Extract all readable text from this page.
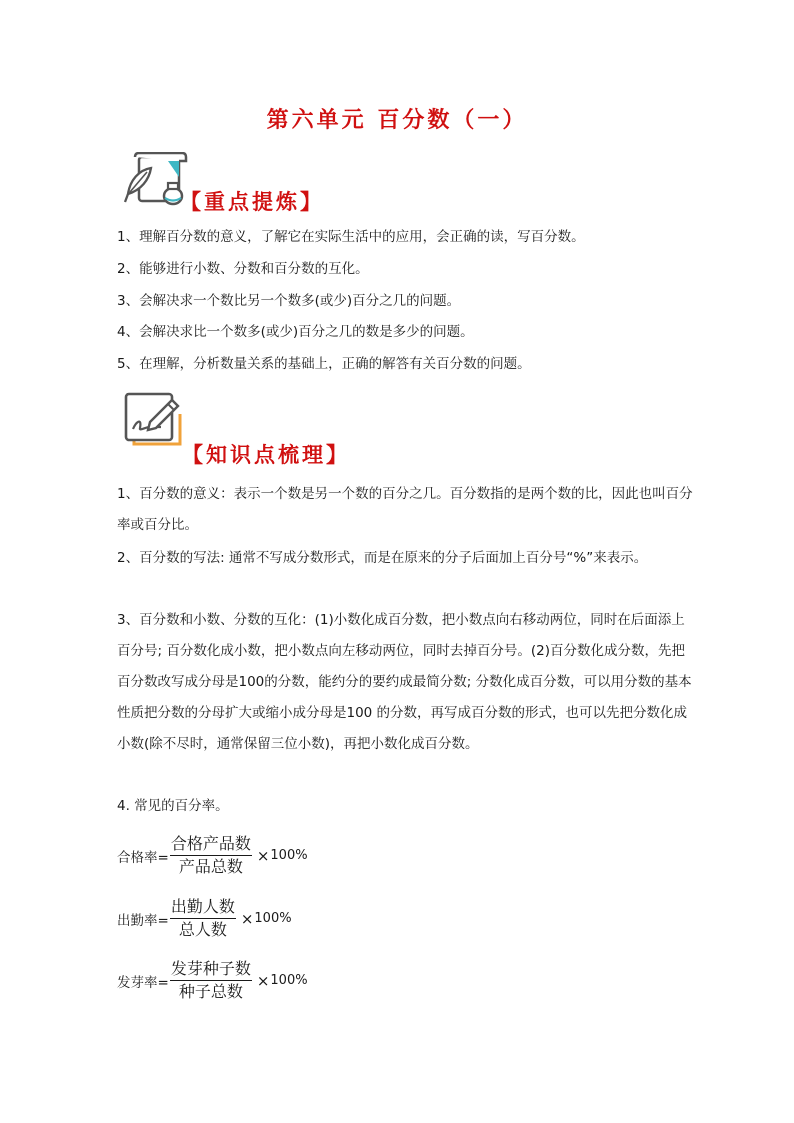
第六单元 百分数（一）
【重点提炼】

1、理解百分数的意义，了解它在实际生活中的应用，会正确的读，写百分数。

2、能够进行小数、分数和百分数的互化。

3、会解决求一个数比另一个数多(或少)百分之几的问题。

4、会解决求比一个数多(或少)百分之几的数是多少的问题。

5、在理解，分析数量关系的基础上，正确的解答有关百分数的问题。

【知识点梳理】

1、百分数的意义：表示一个数是另一个数的百分之几。百分数指的是两个数的比，因此也叫百分率或百分比。

2、百分数的写法: 通常不写成分数形式，而是在原来的分子后面加上百分号“%”来表示。

3、百分数和小数、分数的互化：(1)小数化成百分数，把小数点向右移动两位，同时在后面添上百分号; 百分数化成小数，把小数点向左移动两位，同时去掉百分号。(2)百分数化成分数，先把百分数改写成分母是100的分数，能约分的要约成最简分数; 分数化成百分数，可以用分数的基本性质把分数的分母扩大或缩小成分母是100 的分数，再写成百分数的形式，也可以先把分数化成小数(除不尽时，通常保留三位小数)，再把小数化成百分数。

4. 常见的百分率。

合格率= $\frac{\text{合格产品数}}{\text{产品总数}} \times 100\%$
出勤率= $\frac{\text{出勤人数}}{\text{总人数}} \times 100\%$
发芽率= $\frac{\text{发芽种子数}}{\text{种子总数}} \times 100\%$
